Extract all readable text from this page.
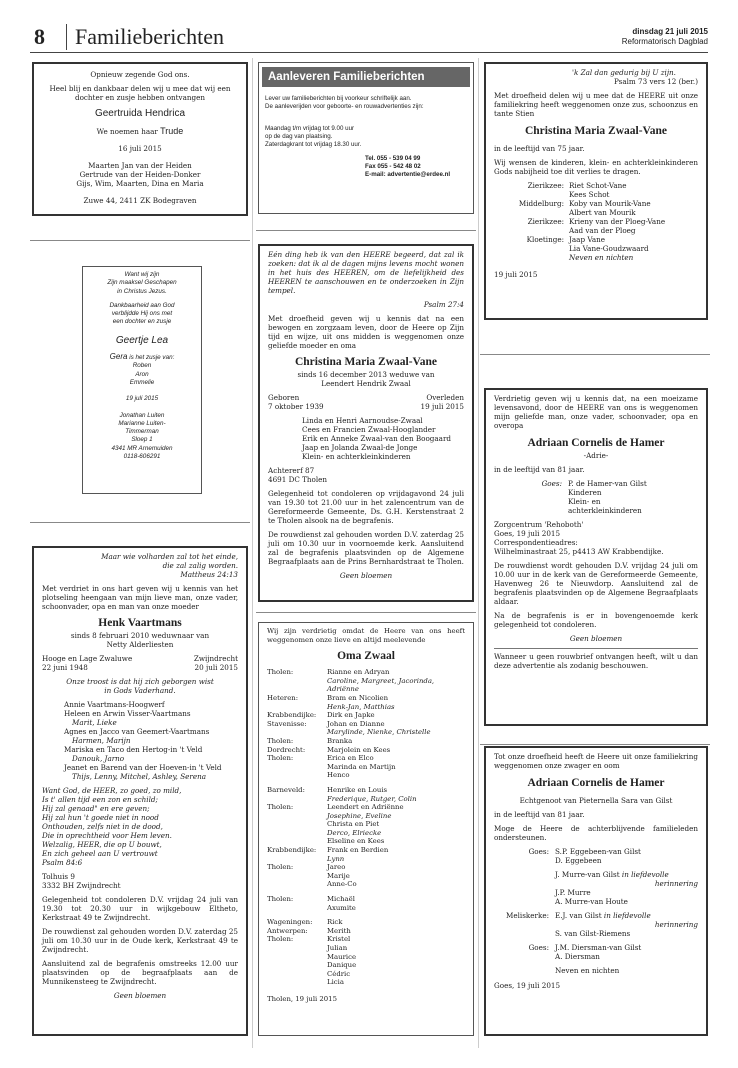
8	Familieberichten	dinsdag 21 juli 2015
Reformatorisch Dagblad

Opnieuw zegende God ons.

Heel blij en dankbaar delen wij u mee dat wij een

dochter en zusje hebben ontvangen

Geertruida Hendrica

We noemen haar Trude

16 juli 2015

Maarten Jan van der Heiden
Gertrude van der Heiden-Donker

Gijs, Wim, Maarten, Dina en Maria

Zuwe 44, 2411 ZK Bodegraven
Want wij zijn
Zijn maaksel Geschapen

in Christus Jezus.

Dankbaarheid aan God
verblijdde Hij ons met
een dochter en zusje
Geertje Lea
Gera is het zusje van:
Roben
Aron
Emmelie
19 juli 2015
Jonathan Luiten
Marianne Luiten-
Timmerman
Sloep 1
4341 MR Arnemuiden
0118-606291
Maar wie volharden zal tot het einde,
die zal zalig worden.

Mattheus 24:13

Met verdriet in ons hart geven wij u kennis van het plotseling heengaan van mijn lieve man, onze vader, schoonvader, opa en man van onze moeder

Henk Vaartmans
sinds 8 februari 2010 weduwnaar van

Netty Alderliesten

Hooge en Lage Zwaluwe	Zwijndrecht

22 juni 1948	20 juli 2015

Onze troost is dat hij zich geborgen wist

in Gods Vaderhand.

Annie Vaartmans-Hoogwerf
Heleen en Arwin Visser-Vaartmans
Marit, Lieke
Agnes en Jacco van Geemert-Vaartmans
Harmen, Marijn
Mariska en Taco den Hertog-in 't Veld
Danouk, Jarno
Jeanet en Barend van der Hoeven-in 't Veld
Thijs, Lenny, Mitchel, Ashley, Serena
Want God, de HEER, zo goed, zo mild,
Is t' allen tijd een zon en schild;
Hij zal genaad" en ere geven;
Hij zal hun 't goede niet in nood
Onthouden, zelfs niet in de dood,
Die in oprechtheid voor Hem leven.
Welzalig, HEER, die op U bouwt,
En zich geheel aan U vertrouwt
Psalm 84:6
Tolhuis 9

3332 BH Zwijndrecht

Gelegenheid tot condoleren D.V. vrijdag 24 juli van 19.30 tot 20.30 uur in wijkgebouw Eltheto, Kerkstraat 49 te Zwijndrecht.

De rouwdienst zal gehouden worden D.V. zaterdag 25 juli om 10.30 uur in de Oude kerk, Kerkstraat 49 te Zwijndrecht.

Aansluitend zal de begrafenis omstreeks 12.00 uur plaatsvinden op de begraafplaats aan de Munnikensteeg te Zwijndrecht.

Geen bloemen
Aanleveren Familieberichten
Lever uw familieberichten bij voorkeur schriftelijk aan.
De aanleverijden voor geboorte- en rouwadvertenties zijn:
Maandag t/m vrijdag tot 9.00 uur
op de dag van plaatsing.
Zaterdagkrant tot vrijdag 18.30 uur.
Tel. 055 - 539 04 99
Fax 055 - 542 48 02
E-mail: advertentie@erdee.nl

Eén ding heb ik van den HEERE begeerd, dat zal ik zoeken: dat ik al de dagen mijns levens mocht wonen in het huis des HEEREN, om de liefelijkheid des HEEREN te aanschouwen en te onderzoeken in Zijn tempel.

Psalm 27:4

Met droefheid geven wij u kennis dat na een bewogen en zorgzaam leven, door de Heere op Zijn tijd en wijze, uit ons midden is weggenomen onze geliefde moeder en oma

Christina Maria Zwaal-Vane
sinds 16 december 2013 weduwe van

Leendert Hendrik Zwaal

Geboren	Overleden

7 oktober 1939	19 juli 2015

Linda en Henri Aarnoudse-Zwaal
Cees en Francien Zwaal-Hooglander
Erik en Anneke Zwaal-van den Boogaard
Jaap en Jolanda Zwaal-de Jonge
Klein- en achterkleinkinderen
Achtererf 87

4691 DC Tholen

Gelegenheid tot condoleren op vrijdagavond 24 juli van 19.30 tot 21.00 uur in het zalencentrum van de Gereformeerde Gemeente, Ds. G.H. Kerstenstraat 2 te Tholen alsook na de begrafenis.

De rouwdienst zal gehouden worden D.V. zaterdag 25 juli om 10.30 uur in voornoemde kerk. Aansluitend zal de begrafenis plaatsvinden op de Algemene Begraafplaats aan de Prins Bernhardstraat te Tholen.

Geen bloemen

Wij zijn verdrietig omdat de Heere van ons heeft weggenomen onze lieve en altijd meelevende

Oma Zwaal
Tholen:	Rianne en Adryan
Caroline, Margreet, Jacorinda, Adriënne
Heteren:	Bram en Nicolien
Henk-Jan, Matthias
Krabbendijke:	Dirk en Japke
Stavenisse:	Johan en Dianne
Marylinde, Nienke, Christelle
Tholen:	Branka
Dordrecht:	Marjolein en Kees
Tholen:	Erica en Elco
Marinda en Martijn
Henco
Barneveld:	Henrike en Louis
Frederique, Rutger, Colin
Tholen:	Leendert en Adriënne
Josephine, Eveline
Christa en Piet
Derco, Elriecke
Elseline en Kees
Krabbendijke:	Frank en Berdien
Lynn
Tholen:	Jareo
Marije
Anne-Co
Tholen:	Michaël
Axumite
Wageningen:	Rick
Antwerpen:	Merith
Tholen:	Kristel
Julian
Maurice
Danique
Cédric
Licia
Tholen, 19 juli 2015
'k Zal dan gedurig bij U zijn.

Psalm 73 vers 12 (ber.)

Met droefheid delen wij u mee dat de HEERE uit onze familiekring heeft weggenomen onze zus, schoonzus en tante Stien

Christina Maria Zwaal-Vane

in de leeftijd van 75 jaar.

Wij wensen de kinderen, klein- en achterkleinkinderen Gods nabijheid toe dit verlies te dragen.

Zierikzee: Riet Schot-Vane
Kees Schot
Middelburg: Koby van Mourik-Vane
Albert van Mourik
Zierikzee: Krieny van der Ploeg-Vane
Aad van der Ploeg
Kloetinge: Jaap Vane
Lia Vane-Goudzwaard
Neven en nichten
19 juli 2015

Verdrietig geven wij u kennis dat, na een moeizame levensavond, door de HEERE van ons is weggenomen mijn geliefde man, onze vader, schoonvader, opa en overopa

Adriaan Cornelis de Hamer

-Adrie-

in de leeftijd van 81 jaar.

Goes: P. de Hamer-van Gilst
Kinderen
Klein- en
achterkleinkinderen
Zorgcentrum 'Rehoboth'
Goes, 19 juli 2015
Correspondentieadres:

Wilhelminastraat 25, p4413 AW Krabbendijke.

De rouwdienst wordt gehouden D.V. vrijdag 24 juli om 10.00 uur in de kerk van de Gereformeerde Gemeente, Havenweg 26 te Nieuwdorp. Aansluitend zal de begrafenis plaatsvinden op de Algemene Begraafplaats aldaar.

Na de begrafenis is er in bovengenoemde kerk gelegenheid tot condoleren.

Geen bloemen

Wanneer u geen rouwbrief ontvangen heeft, wilt u dan deze advertentie als zodanig beschouwen.

Tot onze droefheid heeft de Heere uit onze familiekring weggenomen onze zwager en oom

Adriaan Cornelis de Hamer

Echtgenoot van Pieternella Sara van Gilst

in de leeftijd van 81 jaar.

Moge de Heere de achterblijvende familieleden ondersteunen.

Goes: S.P. Eggebeen-van Gilst
D. Eggebeen
J. Murre-van Gilst in liefdevolle
herinnering
J.P. Murre
A. Murre-van Houte
Meliskerke: E.J. van Gilst in liefdevolle
herinnering
S. van Gilst-Riemens
Goes: J.M. Diersman-van Gilst
A. Diersman
Neven en nichten
Goes, 19 juli 2015
